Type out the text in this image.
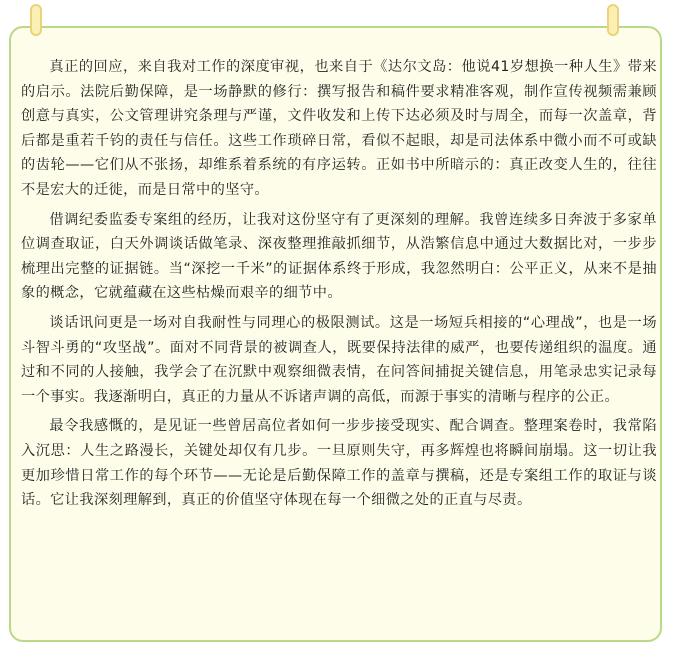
真正的回应，来自我对工作的深度审视，也来自于《达尔文岛：他说41岁想换一种人生》带来的启示。法院后勤保障，是一场静默的修行：撰写报告和稿件要求精准客观，制作宣传视频需兼顾创意与真实，公文管理讲究条理与严谨，文件收发和上传下达必须及时与周全，而每一次盖章，背后都是重若千钧的责任与信任。这些工作琐碎日常，看似不起眼，却是司法体系中微小而不可或缺的齿轮——它们从不张扬，却维系着系统的有序运转。正如书中所暗示的：真正改变人生的，往往不是宏大的迁徙，而是日常中的坚守。

借调纪委监委专案组的经历，让我对这份坚守有了更深刻的理解。我曾连续多日奔波于多家单位调查取证，白天外调谈话做笔录、深夜整理推敲抓细节，从浩繁信息中通过大数据比对，一步步梳理出完整的证据链。当“深挖一千米”的证据体系终于形成，我忽然明白：公平正义，从来不是抽象的概念，它就蕴藏在这些枯燥而艰辛的细节中。

谈话讯问更是一场对自我耐性与同理心的极限测试。这是一场短兵相接的“心理战”，也是一场斗智斗勇的“攻坚战”。面对不同背景的被调查人，既要保持法律的威严，也要传递组织的温度。通过和不同的人接触，我学会了在沉默中观察细微表情，在问答间捕捉关键信息，用笔录忠实记录每一个事实。我逐渐明白，真正的力量从不诉诸声调的高低，而源于事实的清晰与程序的公正。

最令我感慨的，是见证一些曾居高位者如何一步步接受现实、配合调查。整理案卷时，我常陷入沉思：人生之路漫长，关键处却仅有几步。一旦原则失守，再多辉煌也将瞬间崩塌。这一切让我更加珍惜日常工作的每个环节——无论是后勤保障工作的盖章与撰稿，还是专案组工作的取证与谈话。它让我深刻理解到，真正的价值坚守体现在每一个细微之处的正直与尽责。
